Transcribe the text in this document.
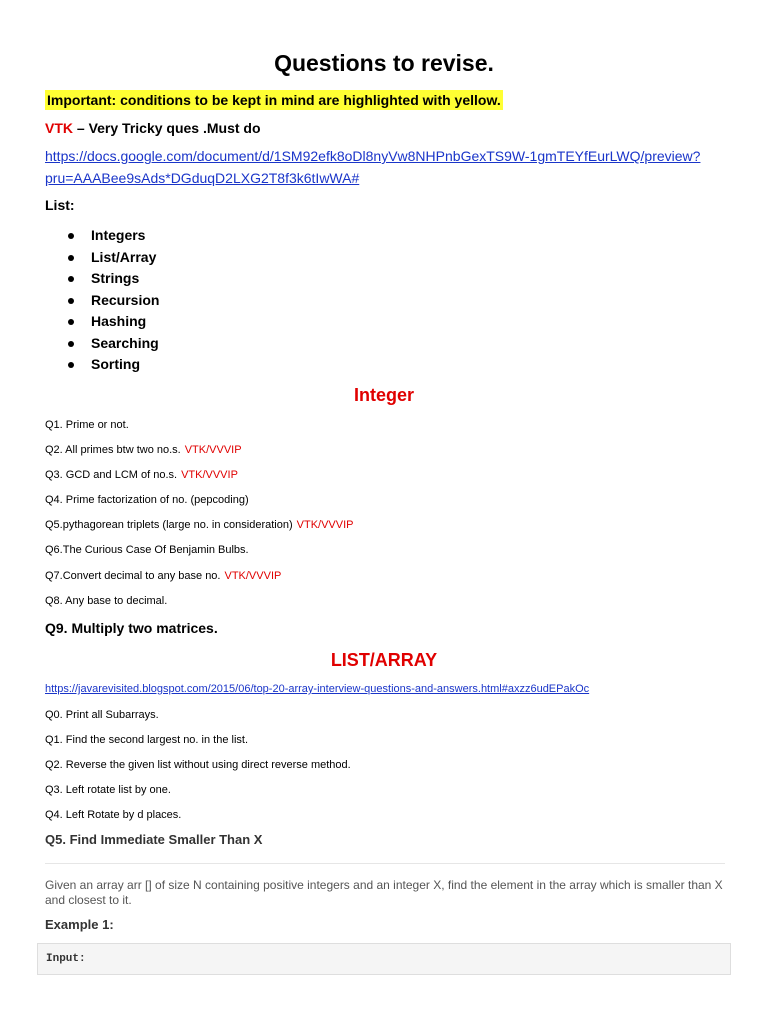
Questions to revise.
Important: conditions to be kept in mind are highlighted with yellow.
VTK – Very Tricky ques .Must do
https://docs.google.com/document/d/1SM92efk8oDl8nyVw8NHPnbGexTS9W-1gmTEYfEurLWQ/preview?
pru=AAABee9sAds*DGduqD2LXG2T8f3k6tIwWA#
List:
Integers
List/Array
Strings
Recursion
Hashing
Searching
Sorting
Integer
Q1. Prime or not.
Q2. All primes btw two no.s. VTK/VVVIP
Q3. GCD and LCM of no.s. VTK/VVVIP
Q4. Prime factorization of no. (pepcoding)
Q5.pythagorean triplets (large no. in consideration) VTK/VVVIP
Q6.The Curious Case Of Benjamin Bulbs.
Q7.Convert decimal to any base no. VTK/VVVIP
Q8. Any base to decimal.
Q9. Multiply two matrices.
LIST/ARRAY
https://javarevisited.blogspot.com/2015/06/top-20-array-interview-questions-and-answers.html#axzz6udEPakOc
Q0. Print all Subarrays.
Q1. Find the second largest no. in the list.
Q2. Reverse the given list without using direct reverse method.
Q3. Left rotate list by one.
Q4. Left Rotate by d places.
Q5. Find Immediate Smaller Than X
Given an array arr [] of size N containing positive integers and an integer X, find the element in the array which is smaller than X and closest to it.
Example 1:
Input:
